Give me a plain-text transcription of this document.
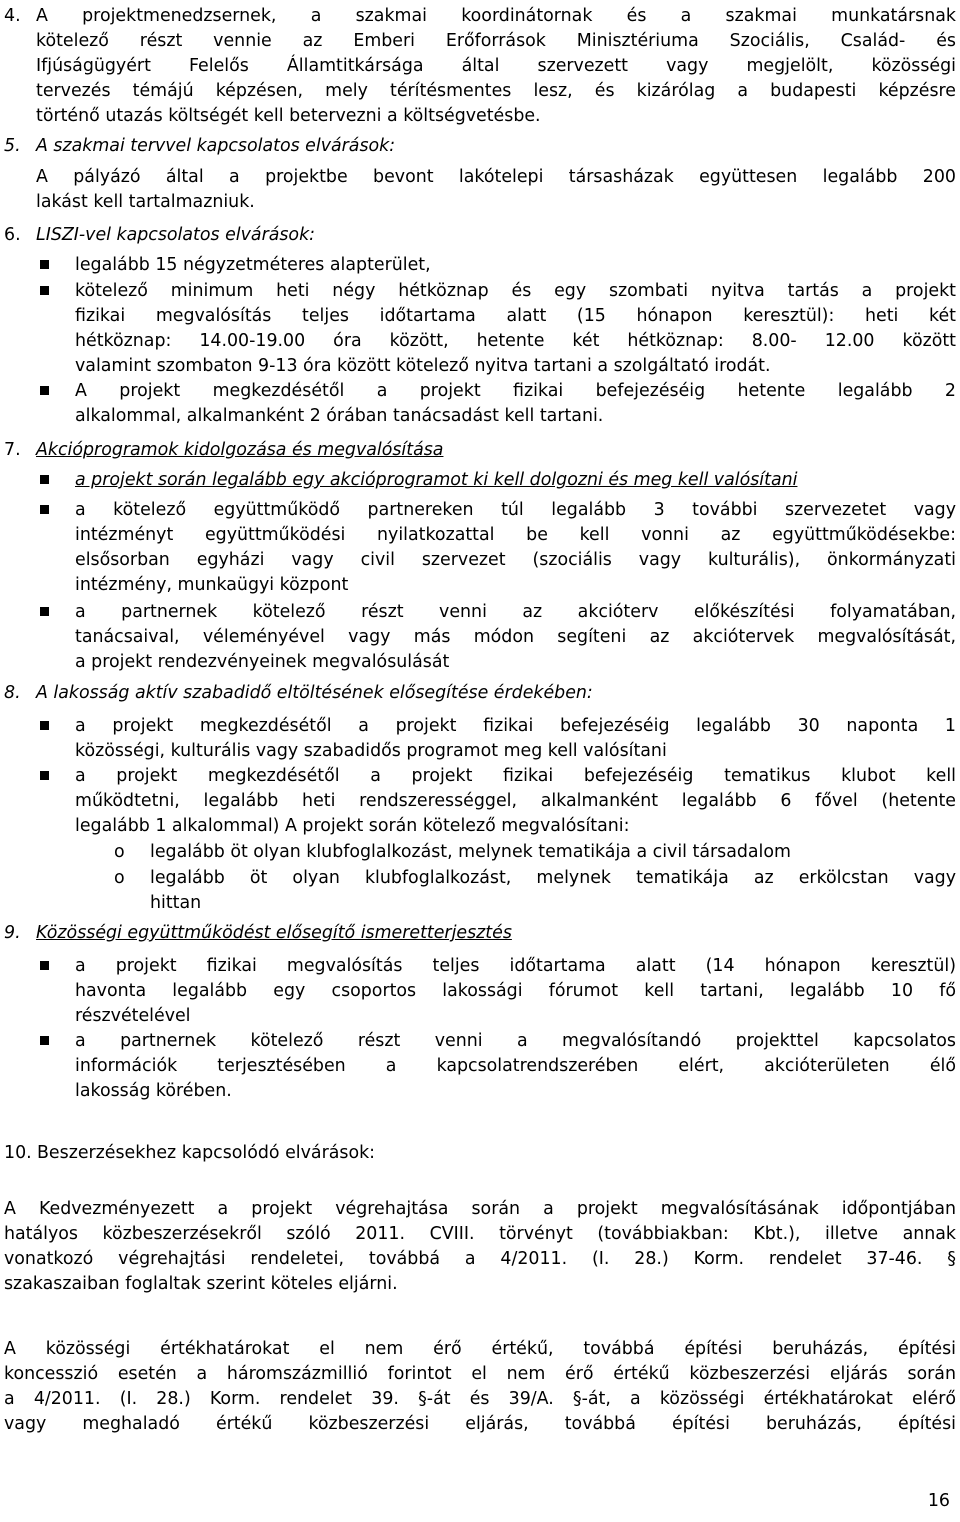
4. A projektmenedzsernek, a szakmai koordinátornak és a szakmai munkatársnak
kötelező részt vennie az Emberi Erőforrások Minisztériuma Szociális, Család- és
Ifjúságügyért Felelős Államtitkársága által szervezett vagy megjelölt, közösségi
tervezés témájú képzésen, mely térítésmentes lesz, és kizárólag a budapesti képzésre
történő utazás költségét kell betervezni a költségvetésbe.
5. A szakmai tervvel kapcsolatos elvárások:
A pályázó által a projektbe bevont lakótelepi társasházak együttesen legalább 200
lakást kell tartalmazniuk.
6. LISZI-vel kapcsolatos elvárások:
legalább 15 négyzetméteres alapterület,
kötelező minimum heti négy hétköznap és egy szombati nyitva tartás a projekt
fizikai megvalósítás teljes időtartama alatt (15 hónapon keresztül): heti két
hétköznap: 14.00-19.00 óra között, hetente két hétköznap: 8.00- 12.00 között
valamint szombaton 9-13 óra között kötelező nyitva tartani a szolgáltató irodát.
A projekt megkezdésétől a projekt fizikai befejezéséig hetente legalább 2
alkalommal, alkalmanként 2 órában tanácsadást kell tartani.
7. Akcióprogramok kidolgozása és megvalósítása
a projekt során legalább egy akcióprogramot ki kell dolgozni és meg kell valósítani
a kötelező együttműködő partnereken túl legalább 3 további szervezetet vagy
intézményt együttműködési nyilatkozattal be kell vonni az együttműködésekbe:
elsősorban egyházi vagy civil szervezet (szociális vagy kulturális), önkormányzati
intézmény, munkaügyi központ
a partnernek kötelező részt venni az akcióterv előkészítési folyamatában,
tanácsaival, véleményével vagy más módon segíteni az akciótervek megvalósítását,
a projekt rendezvényeinek megvalósulását
8. A lakosság aktív szabadidő eltöltésének elősegítése érdekében:
a projekt megkezdésétől a projekt fizikai befejezéséig legalább 30 naponta 1
közösségi, kulturális vagy szabadidős programot meg kell valósítani
a projekt megkezdésétől a projekt fizikai befejezéséig tematikus klubot kell
működtetni, legalább heti rendszerességgel, alkalmanként legalább 6 fővel (hetente
legalább 1 alkalommal) A projekt során kötelező megvalósítani:
o legalább öt olyan klubfoglalkozást, melynek tematikája a civil társadalom
o legalább öt olyan klubfoglalkozást, melynek tematikája az erkölcstan vagy
hittan
9. Közösségi együttműködést elősegítő ismeretterjesztés
a projekt fizikai megvalósítás teljes időtartama alatt (14 hónapon keresztül)
havonta legalább egy csoportos lakossági fórumot kell tartani, legalább 10 fő
részvételével
a partnernek kötelező részt venni a megvalósítandó projekttel kapcsolatos
információk terjesztésében a kapcsolatrendszerében elért, akcióterületen élő
lakosság körében.
10. Beszerzésekhez kapcsolódó elvárások:
A Kedvezményezett a projekt végrehajtása során a projekt megvalósításának időpontjában
hatályos közbeszerzésekről szóló 2011. CVIII. törvényt (továbbiakban: Kbt.), illetve annak
vonatkozó végrehajtási rendeletei, továbbá a 4/2011. (I. 28.) Korm. rendelet 37-46. §
szakaszaiban foglaltak szerint köteles eljárni.
A közösségi értékhatárokat el nem érő értékű, továbbá építési beruházás, építési
koncesszió esetén a háromszázmillió forintot el nem érő értékű közbeszerzési eljárás során
a 4/2011. (I. 28.) Korm. rendelet 39. §-át és 39/A. §-át, a közösségi értékhatárokat elérő
vagy meghaladó értékű közbeszerzési eljárás, továbbá építési beruházás, építési
16
